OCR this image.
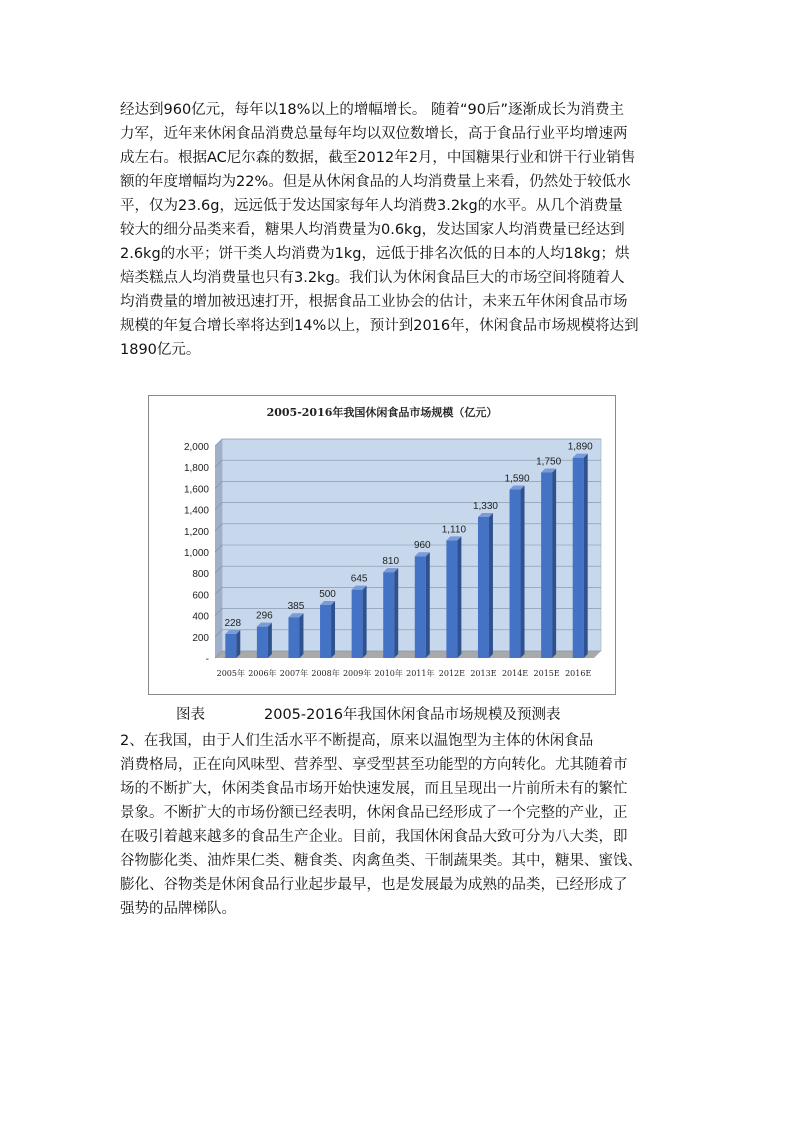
经达到960亿元，每年以18%以上的增幅增长。 随着“90后”逐渐成长为消费主
力军，近年来休闲食品消费总量每年均以双位数增长，高于食品行业平均增速两
成左右。根据AC尼尔森的数据，截至2012年2月，中国糖果行业和饼干行业销售
额的年度增幅均为22%。但是从休闲食品的人均消费量上来看，仍然处于较低水
平，仅为23.6g，远远低于发达国家每年人均消费3.2kg的水平。从几个消费量
较大的细分品类来看，糖果人均消费量为0.6kg，发达国家人均消费量已经达到
2.6kg的水平；饼干类人均消费为1kg，远低于排名次低的日本的人均18kg；烘
焙类糕点人均消费量也只有3.2kg。我们认为休闲食品巨大的市场空间将随着人
均消费量的增加被迅速打开，根据食品工业协会的估计，未来五年休闲食品市场
规模的年复合增长率将达到14%以上，预计到2016年，休闲食品市场规模将达到
1890亿元。
2005-2016年我国休闲食品市场规模（亿元）
-
200
400
600
800
1,000
1,200
1,400
1,600
1,800
2,000
228
2005年
296
2006年
385
2007年
500
2008年
645
2009年
810
2010年
960
2011年
1,110
2012E
1,330
2013E
1,590
2014E
1,750
2015E
1,890
2016E
图表	2005-2016年我国休闲食品市场规模及预测表
2、在我国，由于人们生活水平不断提高，原来以温饱型为主体的休闲食品
消费格局，正在向风味型、营养型、享受型甚至功能型的方向转化。尤其随着市
场的不断扩大，休闲类食品市场开始快速发展，而且呈现出一片前所未有的繁忙
景象。不断扩大的市场份额已经表明，休闲食品已经形成了一个完整的产业，正
在吸引着越来越多的食品生产企业。目前，我国休闲食品大致可分为八大类，即
谷物膨化类、油炸果仁类、糖食类、肉禽鱼类、干制蔬果类。其中，糖果、蜜饯、
膨化、谷物类是休闲食品行业起步最早，也是发展最为成熟的品类，已经形成了
强势的品牌梯队。
